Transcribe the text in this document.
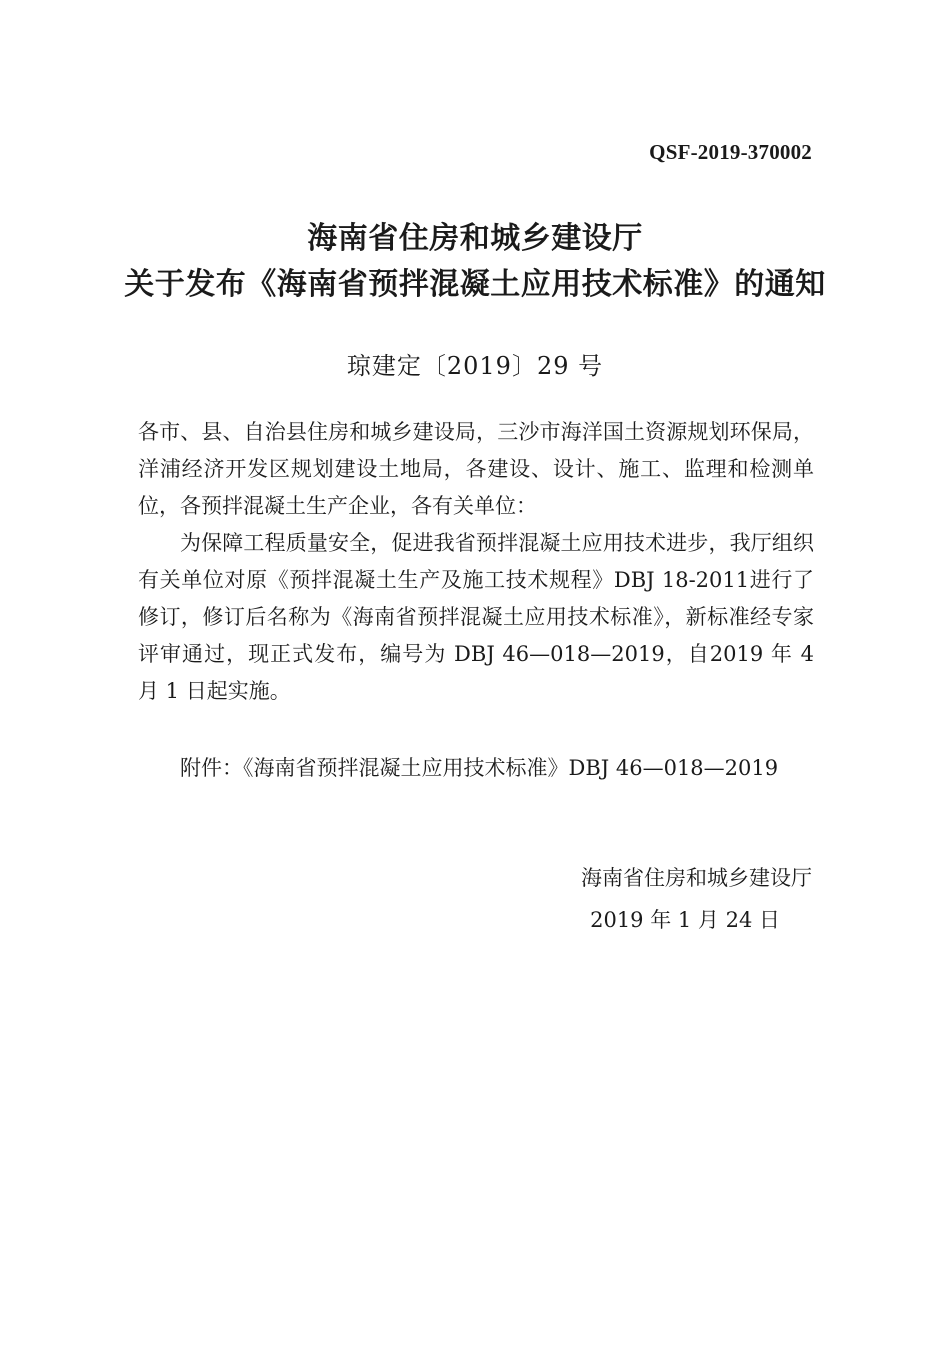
QSF-2019-370002
海南省住房和城乡建设厅
关于发布《海南省预拌混凝土应用技术标准》的通知
琼建定〔2019〕29 号

各市、县、自治县住房和城乡建设局，三沙市海洋国土资源规划环保局，洋浦经济开发区规划建设土地局，各建设、设计、施工、监理和检测单位，各预拌混凝土生产企业，各有关单位：

为保障工程质量安全，促进我省预拌混凝土应用技术进步，我厅组织有关单位对原《预拌混凝土生产及施工技术规程》DBJ 18-2011进行了修订，修订后名称为《海南省预拌混凝土应用技术标准》，新标准经专家评审通过，现正式发布，编号为 DBJ 46—018—2019，自2019 年 4 月 1 日起实施。

附件：《海南省预拌混凝土应用技术标准》DBJ 46—018—2019
海南省住房和城乡建设厅
2019 年 1 月 24 日
